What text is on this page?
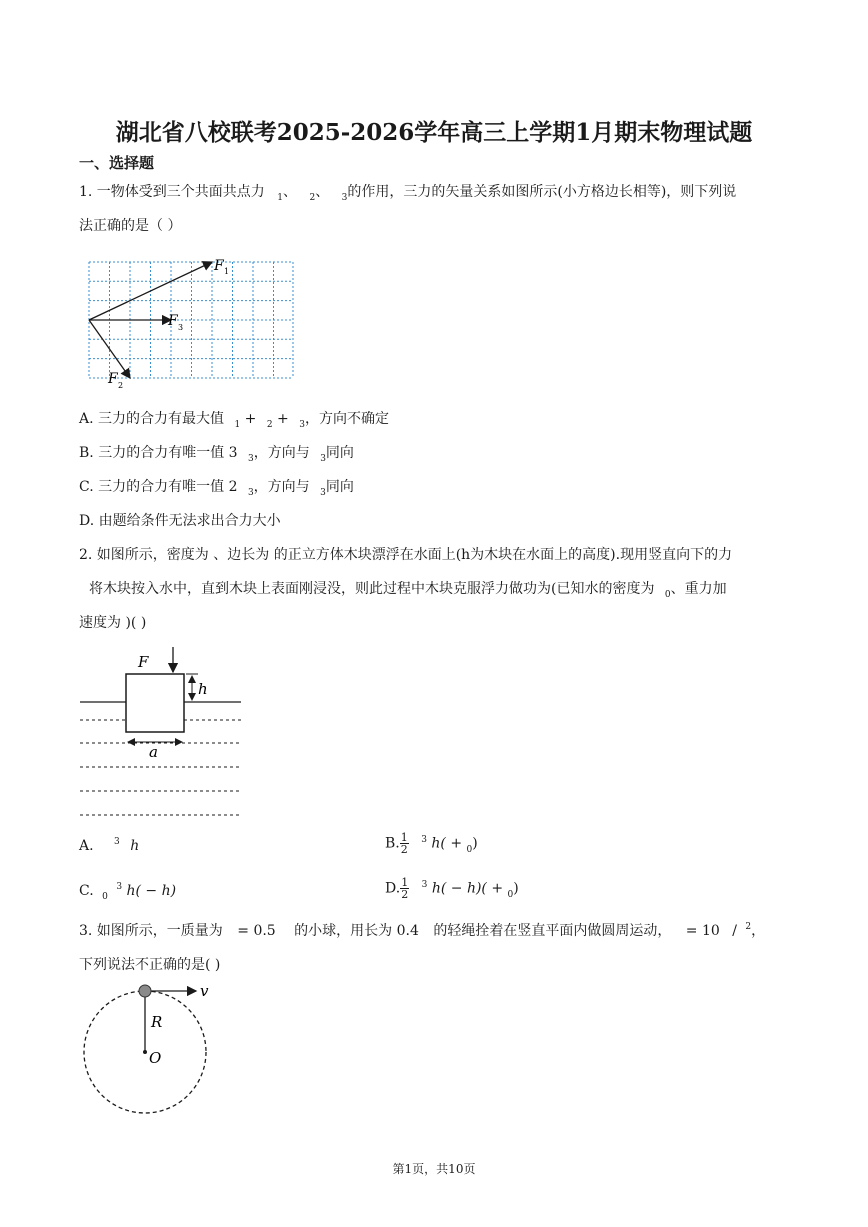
湖北省八校联考2025-2026学年高三上学期1月期末物理试题
一、选择题
1. 一物体受到三个共面共点力 $_1$、 $_2$、 $_3$的作用，三力的矢量关系如图所示(小方格边长相等)，则下列说
法正确的是（ ）
F 1
F 3
F 2
A. 三力的合力有最大值 $_1$ + $_2$ + $_3$，方向不确定
B. 三力的合力有唯一值 3 $_3$，方向与 $_3$同向
C. 三力的合力有唯一值 2 $_3$，方向与 $_3$同向
D. 由题给条件无法求出合力大小
2. 如图所示，密度为 、边长为 的正立方体木块漂浮在水面上(h为木块在水面上的高度).现用竖直向下的力
将木块按入水中，直到木块上表面刚浸没，则此过程中木块克服浮力做功为(已知水的密度为 $_0$、重力加
速度为 )( )
F
h
a
A. $^3$ h	B. $\frac{1}{2} ^3$ h( + $_0$)
C. $_0$ $^3$ h( − h)	D. $\frac{1}{2} ^3$ h( − h)( + $_0$)
3. 如图所示，一质量为 = 0.5 的小球，用长为 0.4 的轻绳拴着在竖直平面内做圆周运动， = 10 / $^2$，
下列说法不正确的是( )
v
R
O
第1页，共10页
